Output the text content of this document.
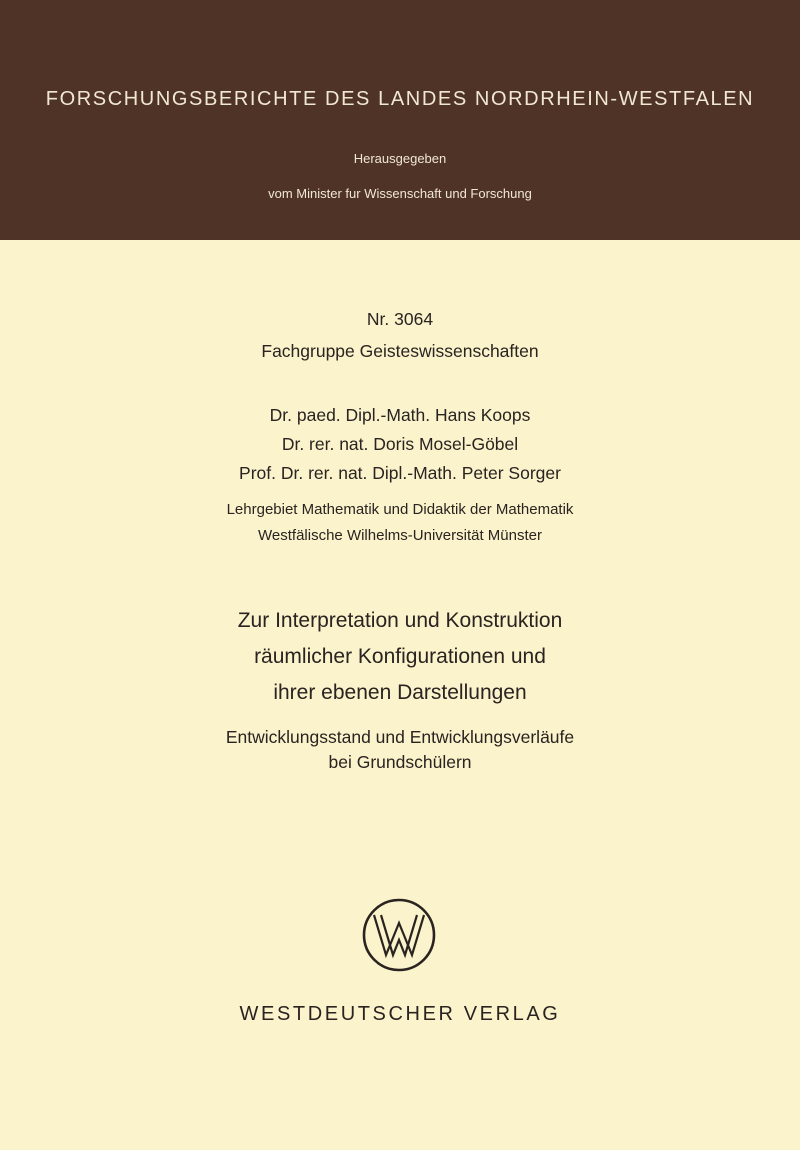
FORSCHUNGSBERICHTE DES LANDES NORDRHEIN-WESTFALEN
Herausgegeben
vom Minister fur Wissenschaft und Forschung
Nr. 3064
Fachgruppe Geisteswissenschaften
Dr. paed. Dipl.-Math. Hans Koops
Dr. rer. nat. Doris Mosel-Göbel
Prof. Dr. rer. nat. Dipl.-Math. Peter Sorger
Lehrgebiet Mathematik und Didaktik der Mathematik
Westfälische Wilhelms-Universität Münster
Zur Interpretation und Konstruktion
räumlicher Konfigurationen und
ihrer ebenen Darstellungen
Entwicklungsstand und Entwicklungsverläufe
bei Grundschülern
WESTDEUTSCHER VERLAG
